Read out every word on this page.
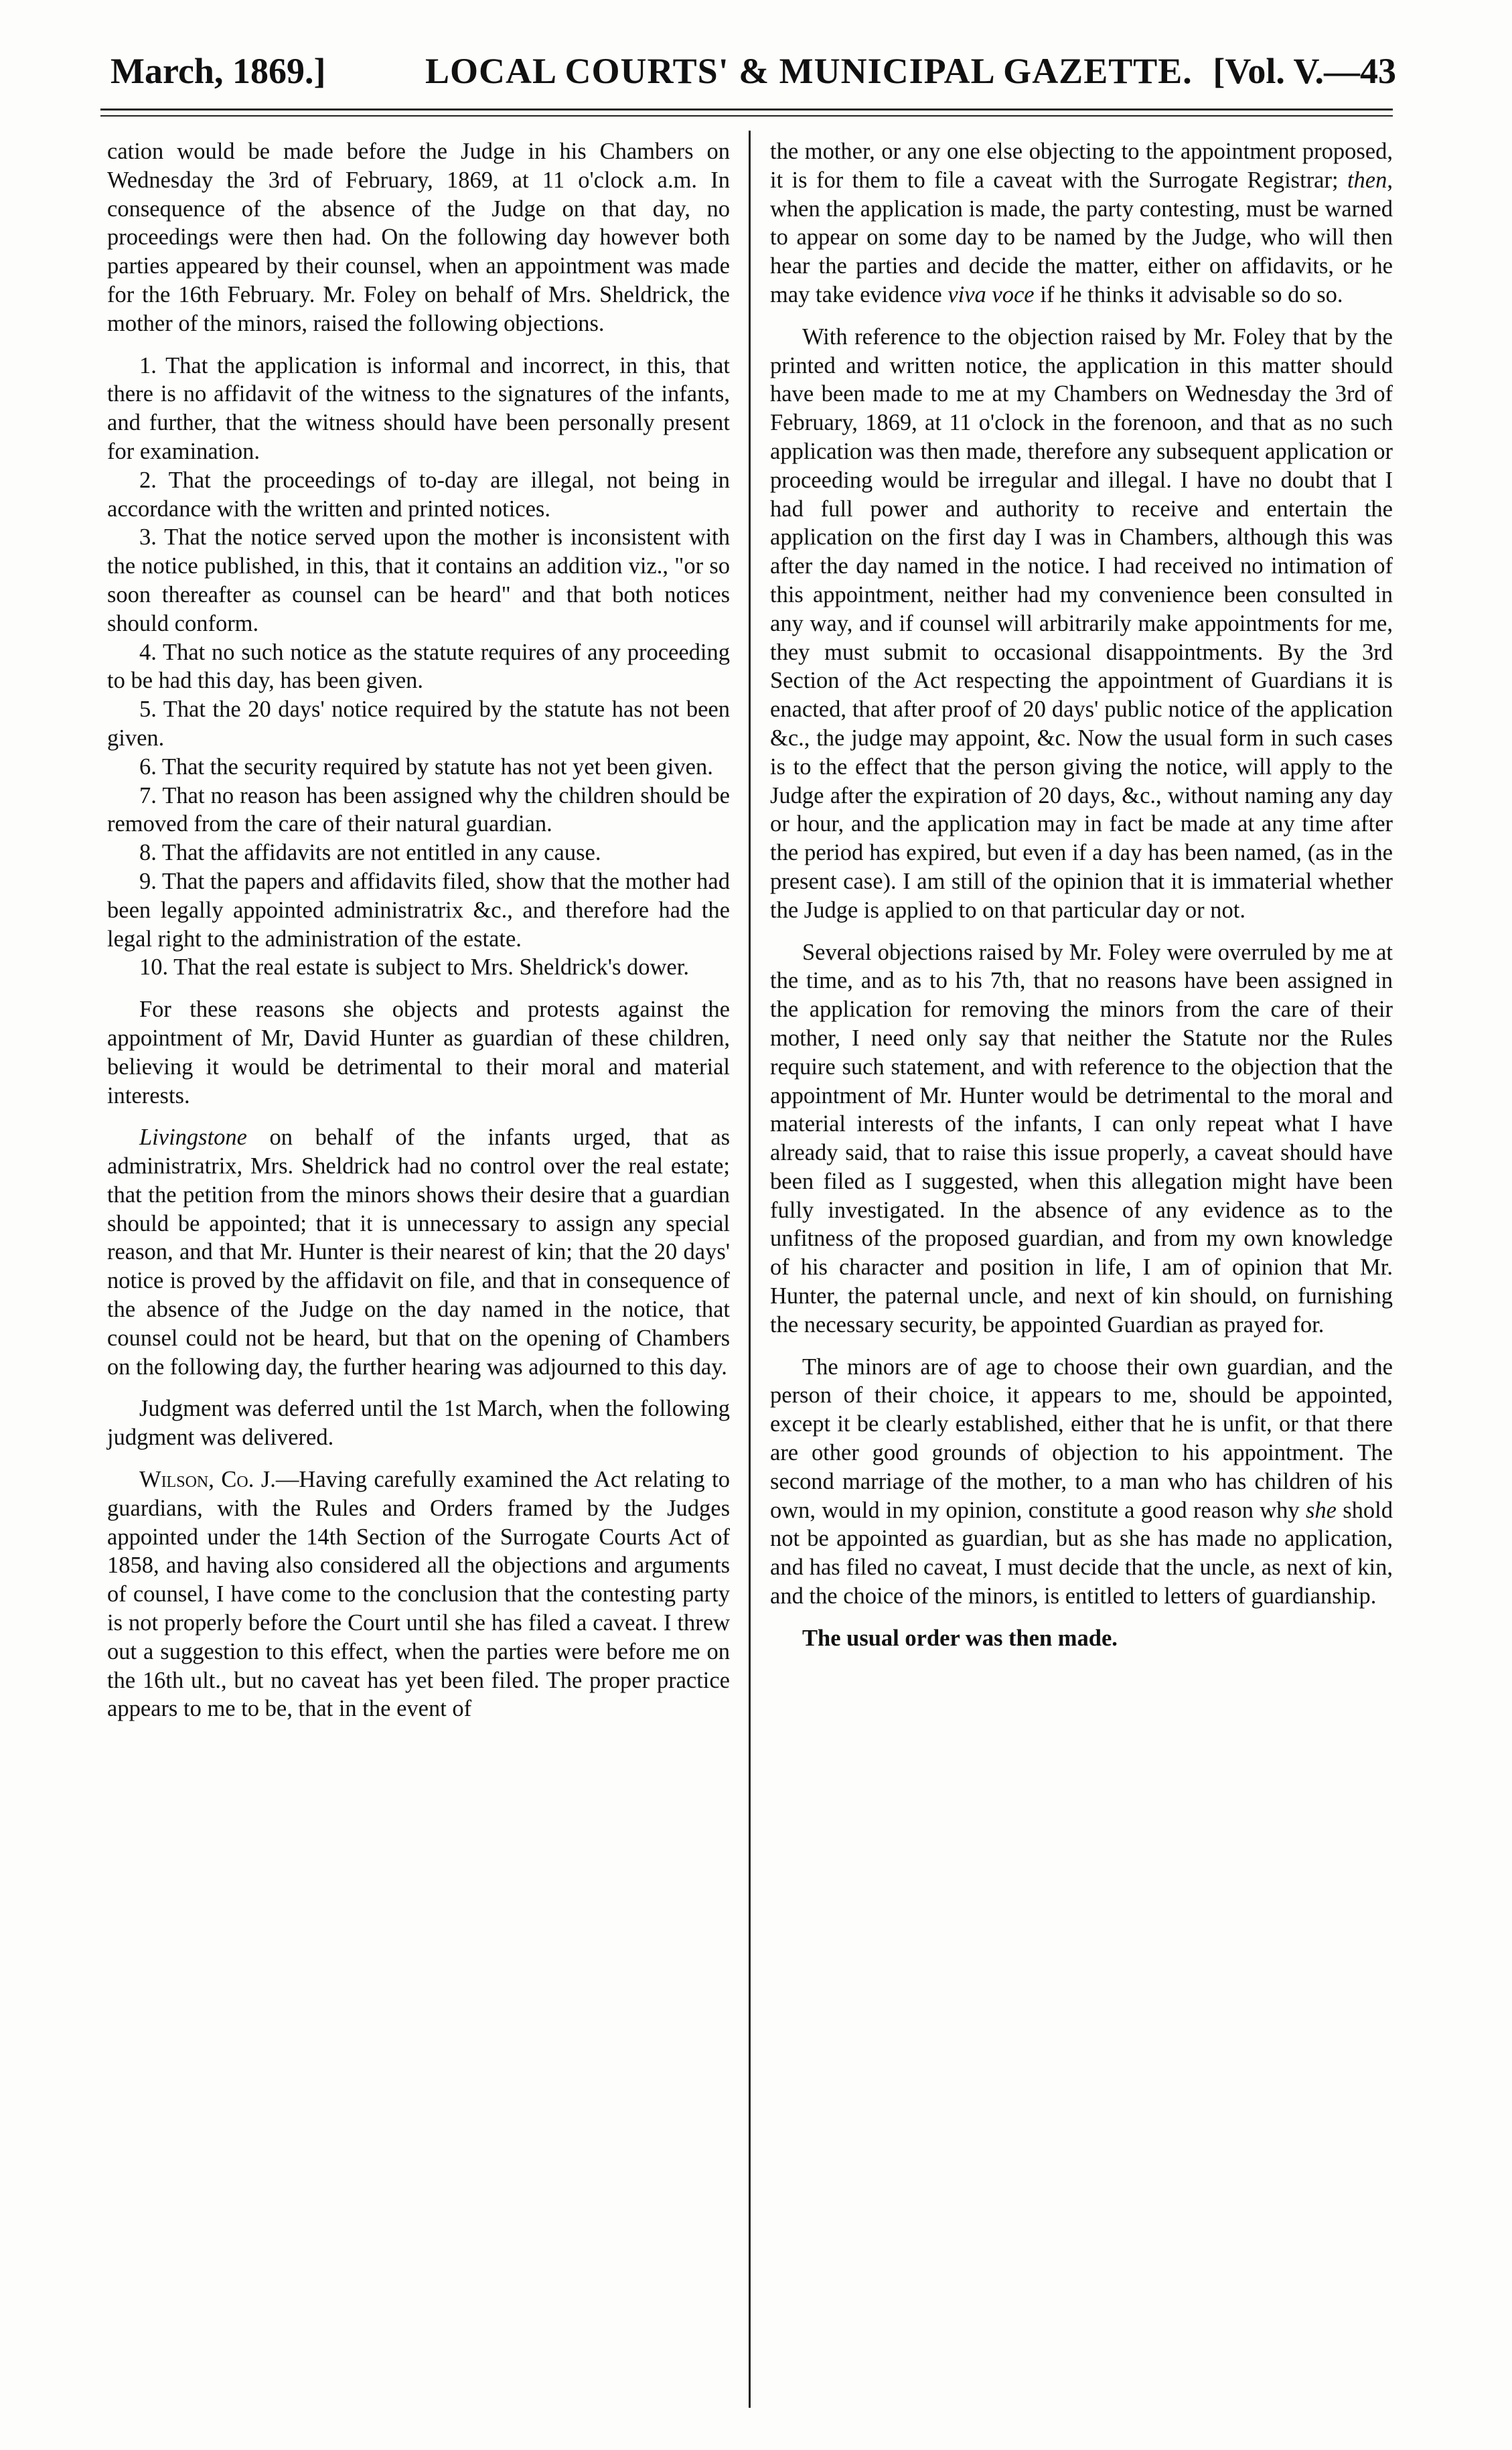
March, 1869.]	LOCAL COURTS' & MUNICIPAL GAZETTE. [Vol. V.—43

cation would be made before the Judge in his Chambers on Wednesday the 3rd of February, 1869, at 11 o'clock a.m. In consequence of the absence of the Judge on that day, no proceedings were then had. On the following day however both parties appeared by their counsel, when an appointment was made for the 16th February. Mr. Foley on behalf of Mrs. Sheldrick, the mother of the minors, raised the following objections.

1. That the application is informal and incorrect, in this, that there is no affidavit of the witness to the signatures of the infants, and further, that the witness should have been personally present for examination.
2. That the proceedings of to-day are illegal, not being in accordance with the written and printed notices.
3. That the notice served upon the mother is inconsistent with the notice published, in this, that it contains an addition viz., "or so soon thereafter as counsel can be heard" and that both notices should conform.
4. That no such notice as the statute requires of any proceeding to be had this day, has been given.
5. That the 20 days' notice required by the statute has not been given.
6. That the security required by statute has not yet been given.
7. That no reason has been assigned why the children should be removed from the care of their natural guardian.
8. That the affidavits are not entitled in any cause.
9. That the papers and affidavits filed, show that the mother had been legally appointed administratrix &c., and therefore had the legal right to the administration of the estate.
10. That the real estate is subject to Mrs. Sheldrick's dower.

For these reasons she objects and protests against the appointment of Mr, David Hunter as guardian of these children, believing it would be detrimental to their moral and material interests.

Livingstone on behalf of the infants urged, that as administratrix, Mrs. Sheldrick had no control over the real estate; that the petition from the minors shows their desire that a guardian should be appointed; that it is unnecessary to assign any special reason, and that Mr. Hunter is their nearest of kin; that the 20 days' notice is proved by the affidavit on file, and that in consequence of the absence of the Judge on the day named in the notice, that counsel could not be heard, but that on the opening of Chambers on the following day, the further hearing was adjourned to this day.

Judgment was deferred until the 1st March, when the following judgment was delivered.

Wilson, Co. J.—Having carefully examined the Act relating to guardians, with the Rules and Orders framed by the Judges appointed under the 14th Section of the Surrogate Courts Act of 1858, and having also considered all the objections and arguments of counsel, I have come to the conclusion that the contesting party is not properly before the Court until she has filed a caveat. I threw out a suggestion to this effect, when the parties were before me on the 16th ult., but no caveat has yet been filed. The proper practice appears to me to be, that in the event of

the mother, or any one else objecting to the appointment proposed, it is for them to file a caveat with the Surrogate Registrar; then, when the application is made, the party contesting, must be warned to appear on some day to be named by the Judge, who will then hear the parties and decide the matter, either on affidavits, or he may take evidence viva voce if he thinks it advisable so do so.

With reference to the objection raised by Mr. Foley that by the printed and written notice, the application in this matter should have been made to me at my Chambers on Wednesday the 3rd of February, 1869, at 11 o'clock in the forenoon, and that as no such application was then made, therefore any subsequent application or proceeding would be irregular and illegal. I have no doubt that I had full power and authority to receive and entertain the application on the first day I was in Chambers, although this was after the day named in the notice. I had received no intimation of this appointment, neither had my convenience been consulted in any way, and if counsel will arbitrarily make appointments for me, they must submit to occasional disappointments. By the 3rd Section of the Act respecting the appointment of Guardians it is enacted, that after proof of 20 days' public notice of the application &c., the judge may appoint, &c. Now the usual form in such cases is to the effect that the person giving the notice, will apply to the Judge after the expiration of 20 days, &c., without naming any day or hour, and the application may in fact be made at any time after the period has expired, but even if a day has been named, (as in the present case). I am still of the opinion that it is immaterial whether the Judge is applied to on that particular day or not.

Several objections raised by Mr. Foley were overruled by me at the time, and as to his 7th, that no reasons have been assigned in the application for removing the minors from the care of their mother, I need only say that neither the Statute nor the Rules require such statement, and with reference to the objection that the appointment of Mr. Hunter would be detrimental to the moral and material interests of the infants, I can only repeat what I have already said, that to raise this issue properly, a caveat should have been filed as I suggested, when this allegation might have been fully investigated. In the absence of any evidence as to the unfitness of the proposed guardian, and from my own knowledge of his character and position in life, I am of opinion that Mr. Hunter, the paternal uncle, and next of kin should, on furnishing the necessary security, be appointed Guardian as prayed for.

The minors are of age to choose their own guardian, and the person of their choice, it appears to me, should be appointed, except it be clearly established, either that he is unfit, or that there are other good grounds of objection to his appointment. The second marriage of the mother, to a man who has children of his own, would in my opinion, constitute a good reason why she shold not be appointed as guardian, but as she has made no application, and has filed no caveat, I must decide that the uncle, as next of kin, and the choice of the minors, is entitled to letters of guardianship.

The usual order was then made.
